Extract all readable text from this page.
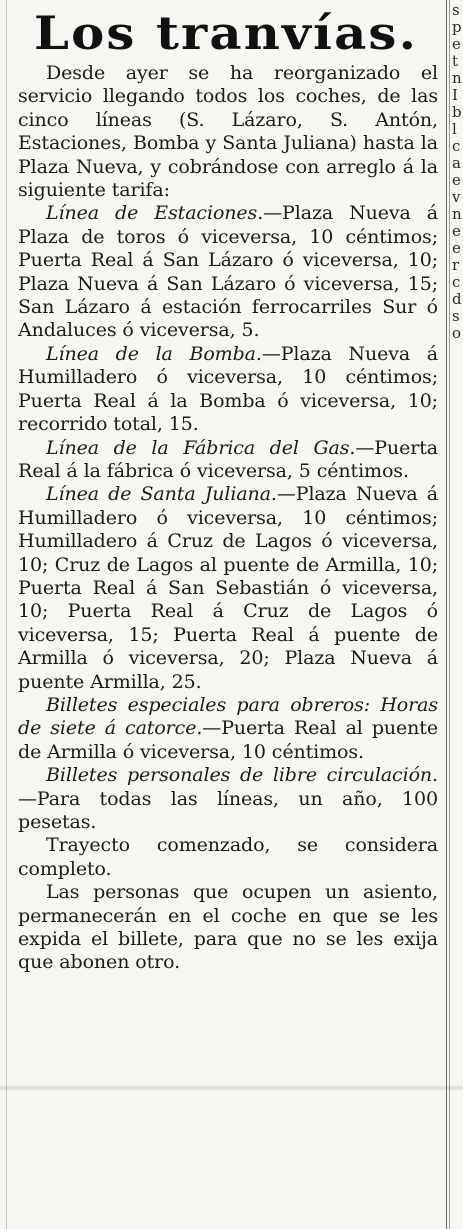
s
p
e
t
n
I
b
l
c
a
e
v
n
e
e
r
c
d
s
o
Los tranvías.

Desde ayer se ha reorganizado el servicio llegando todos los coches, de las cinco líneas (S. Lázaro, S. Antón, Estaciones, Bomba y Santa Juliana) hasta la Plaza Nueva, y cobrándose con arreglo á la siguiente tarifa:

Línea de Estaciones.—Plaza Nueva á Plaza de toros ó viceversa, 10 céntimos; Puerta Real á San Lázaro ó viceversa, 10; Plaza Nueva á San Lázaro ó viceversa, 15; San Lázaro á estación ferrocarriles Sur ó Andaluces ó viceversa, 5.

Línea de la Bomba.—Plaza Nueva á Humilladero ó viceversa, 10 céntimos; Puerta Real á la Bomba ó viceversa, 10; recorrido total, 15.

Línea de la Fábrica del Gas.—Puerta Real á la fábrica ó viceversa, 5 céntimos.

Línea de Santa Juliana.—Plaza Nueva á Humilladero ó viceversa, 10 céntimos; Humilladero á Cruz de Lagos ó viceversa, 10; Cruz de Lagos al puente de Armilla, 10; Puerta Real á San Sebastián ó viceversa, 10; Puerta Real á Cruz de Lagos ó viceversa, 15; Puerta Real á puente de Armilla ó viceversa, 20; Plaza Nueva á puente Armilla, 25.

Billetes especiales para obreros: Horas de siete á catorce.—Puerta Real al puente de Armilla ó viceversa, 10 céntimos.

Billetes personales de libre circulación.—Para todas las líneas, un año, 100 pesetas.

Trayecto comenzado, se considera completo.

Las personas que ocupen un asiento, permanecerán en el coche en que se les expida el billete, para que no se les exija que abonen otro.
